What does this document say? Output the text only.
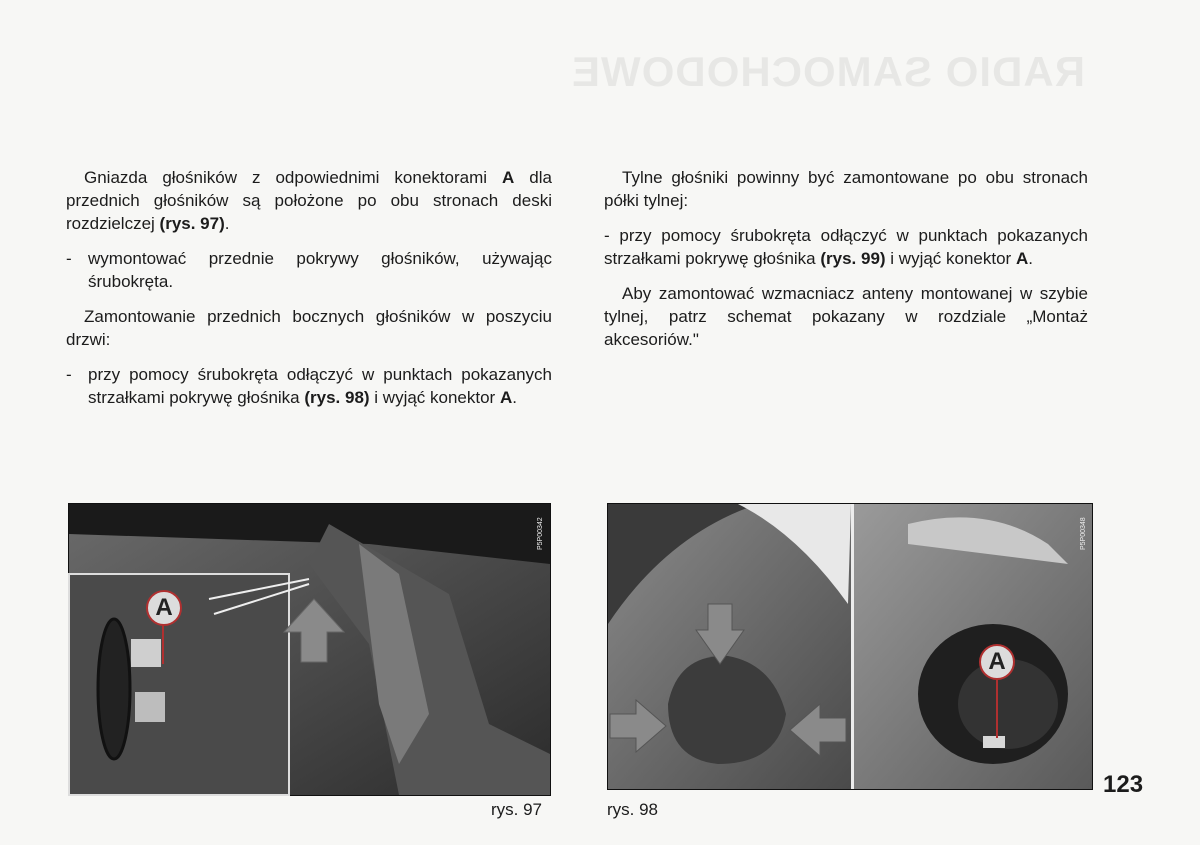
RADIO SAMOCHODOWE

Gniazda głośników z odpowiednimi konektorami A dla przednich głośników są położone po obu stronach deski rozdzielczej (rys. 97).

- wymontować przednie pokrywy głośników, używając śrubokręta.

Zamontowanie przednich bocznych głośników w poszyciu drzwi:

- przy pomocy śrubokręta odłączyć w punktach pokazanych strzałkami pokrywę głośnika (rys. 98) i wyjąć konektor A.

Tylne głośniki powinny być zamontowane po obu stronach półki tylnej:

- przy pomocy śrubokręta odłączyć w punktach pokazanych strzałkami pokrywę głośnika (rys. 99) i wyjąć konektor A.

Aby zamontować wzmacniacz anteny montowanej w szybie tylnej, patrz schemat pokazany w rozdziale „Montaż akcesoriów."

A
P5P00342
rys. 97
A
P5P00348
rys. 98
123
